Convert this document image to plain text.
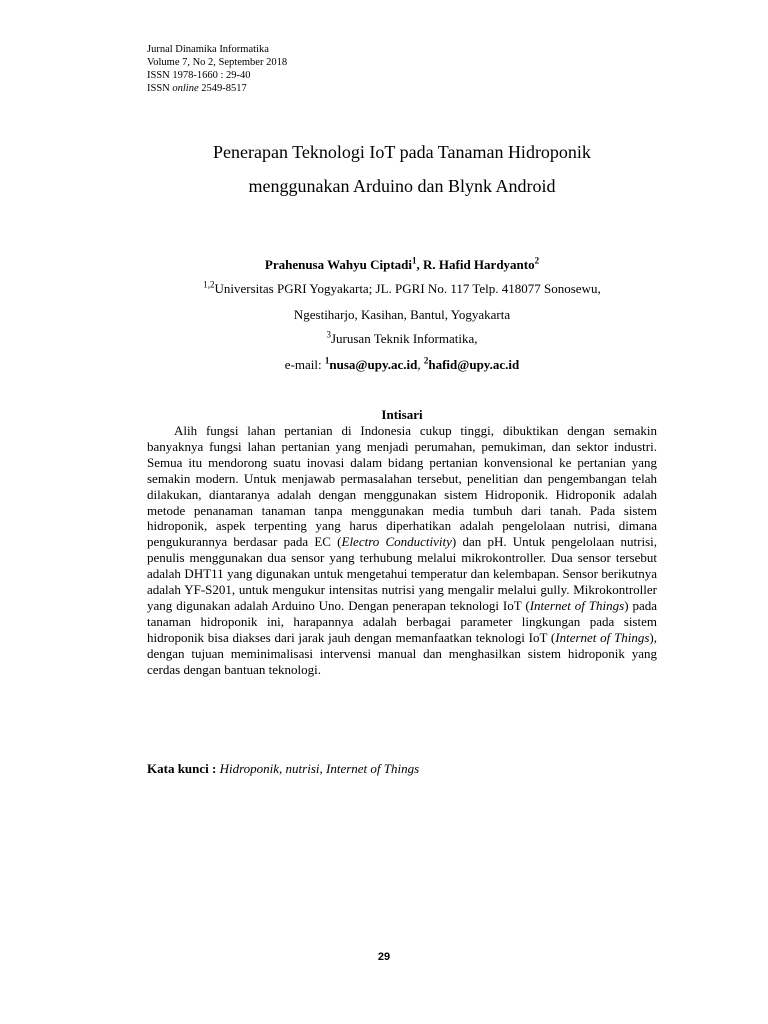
Jurnal Dinamika Informatika
Volume 7, No 2, September 2018
ISSN 1978-1660 : 29-40
ISSN online 2549-8517
Penerapan Teknologi IoT pada Tanaman Hidroponik
menggunakan Arduino dan Blynk Android
Prahenusa Wahyu Ciptadi$^1$, R. Hafid Hardyanto$^2$
$^{1,2}$Universitas PGRI Yogyakarta; JL. PGRI No. 117 Telp. 418077 Sonosewu,
Ngestiharjo, Kasihan, Bantul, Yogyakarta
$^3$Jurusan Teknik Informatika,
e-mail: $^1$nusa@upy.ac.id, $^2$hafid@upy.ac.id
Intisari

Alih fungsi lahan pertanian di Indonesia cukup tinggi, dibuktikan dengan semakin banyaknya fungsi lahan pertanian yang menjadi perumahan, pemukiman, dan sektor industri. Semua itu mendorong suatu inovasi dalam bidang pertanian konvensional ke pertanian yang semakin modern. Untuk menjawab permasalahan tersebut, penelitian dan pengembangan telah dilakukan, diantaranya adalah dengan menggunakan sistem Hidroponik. Hidroponik adalah metode penanaman tanaman tanpa menggunakan media tumbuh dari tanah. Pada sistem hidroponik, aspek terpenting yang harus diperhatikan adalah pengelolaan nutrisi, dimana pengukurannya berdasar pada EC (Electro Conductivity) dan pH. Untuk pengelolaan nutrisi, penulis menggunakan dua sensor yang terhubung melalui mikrokontroller. Dua sensor tersebut adalah DHT11 yang digunakan untuk mengetahui temperatur dan kelembapan. Sensor berikutnya adalah YF-S201, untuk mengukur intensitas nutrisi yang mengalir melalui gully. Mikrokontroller yang digunakan adalah Arduino Uno. Dengan penerapan teknologi IoT (Internet of Things) pada tanaman hidroponik ini, harapannya adalah berbagai parameter lingkungan pada sistem hidroponik bisa diakses dari jarak jauh dengan memanfaatkan teknologi IoT (Internet of Things), dengan tujuan meminimalisasi intervensi manual dan menghasilkan sistem hidroponik yang cerdas dengan bantuan teknologi.

Kata kunci : Hidroponik, nutrisi, Internet of Things
29
